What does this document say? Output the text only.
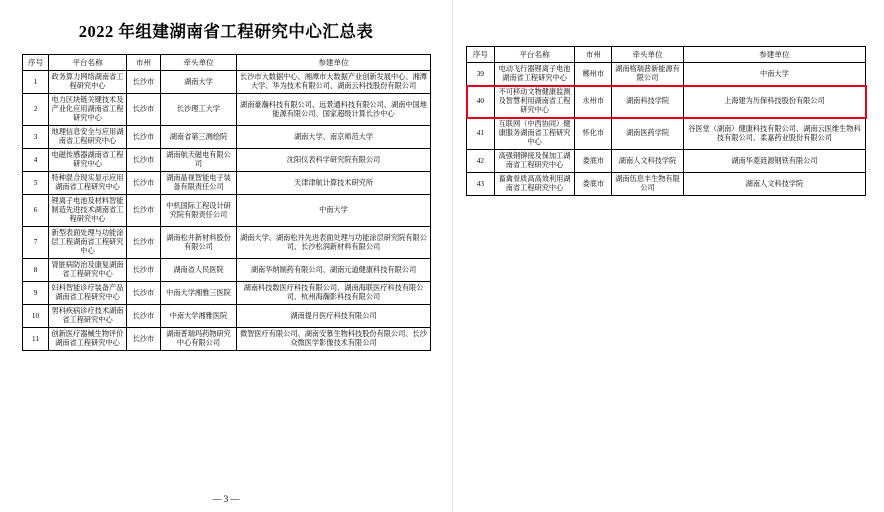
2022 年组建湖南省工程研究中心汇总表
序号	平台名称	市州	牵头单位	参建单位
1	政务算力网络湖南省工程研究中心	长沙市	湖南大学	长沙市大数据中心、湘潭市大数据产业创新发展中心、湘潭大学、华为技术有限公司、湖南云科技股份有限公司
2	电力区块链关键技术及产业化应用湖南省工程研究中心	长沙市	长沙理工大学	湖南豪瀚科技有限公司、远景通科技有限公司、湖南中国地能源有限公司、国家超级计算长沙中心
3	地理信息安全与应用湖南省工程研究中心	长沙市	湖南省第三测绘院	湖南大学、南京师范大学
4	电磁传感器湖南省工程研究中心	长沙市	湖南航天磁电有限公司	沈阳仪表科学研究院有限公司
5	特种混合现实显示应用湖南省工程研究中心	长沙市	湖南晶视智能电子装备有限责任公司	天津津航计算技术研究所
6	锂离子电池及材料智能制造先进技术湖南省工程研究中心	长沙市	中机国际工程设计研究院有限责任公司	中南大学
7	新型表面处理与功能涂层工程湖南省工程研究中心	长沙市	湖南松井新材料股份有限公司	湖南大学、湖南松井先进表面处理与功能涂层研究院有限公司、长沙松润新材料有限公司
8	肾脏病防治及康复湖南省工程研究中心	长沙市	湖南省人民医院	湖南华纳制药有限公司、湖南元道健康科技有限公司
9	妇科智能诊疗装备产品湖南省工程研究中心	长沙市	中南大学湘雅三医院	湖南科技数医疗科技有限公司、湖南海联医疗科技有限公司、杭州海瀚影科技有限公司
10	男科疾病诊疗技术湖南省工程研究中心	长沙市	中南大学湘雅医院	湖南提月医疗科技有限公司
11	创新医疗器械生物评价湖南省工程研究中心	长沙市	湖南普瑞玛药物研究中心有限公司	微智医疗有限公司、湖南安慕生物科技股份有限公司、长沙众微医学影像技术有限公司
— 3 —
序号	平台名称	市州	牵头单位	参建单位
39	电动飞行器锂离子电池湖南省工程研究中心	郴州市	湖南格瑞普新能源有限公司	中南大学
40	不可移动文物健康监测及智慧利用湖南省工程研究中心	永州市	湖南科技学院	上海建为历保科技股份有限公司
41	互联网（中西协同）健康服务湖南省工程研究中心	怀化市	湖南医药学院	谷医堂（湖南）健康科技有限公司、湖南云医维生物科技有限公司、柔嘉药业股份有限公司
42	高强钢铆接及保加工湖南省工程研究中心	娄底市	湖南人文科技学院	湖南华菱涟源钢铁有限公司
43	畜禽骨质高高效利用湖南省工程研究中心	娄底市	湖南伍息丰生物有限公司	湖南人文科技学院
